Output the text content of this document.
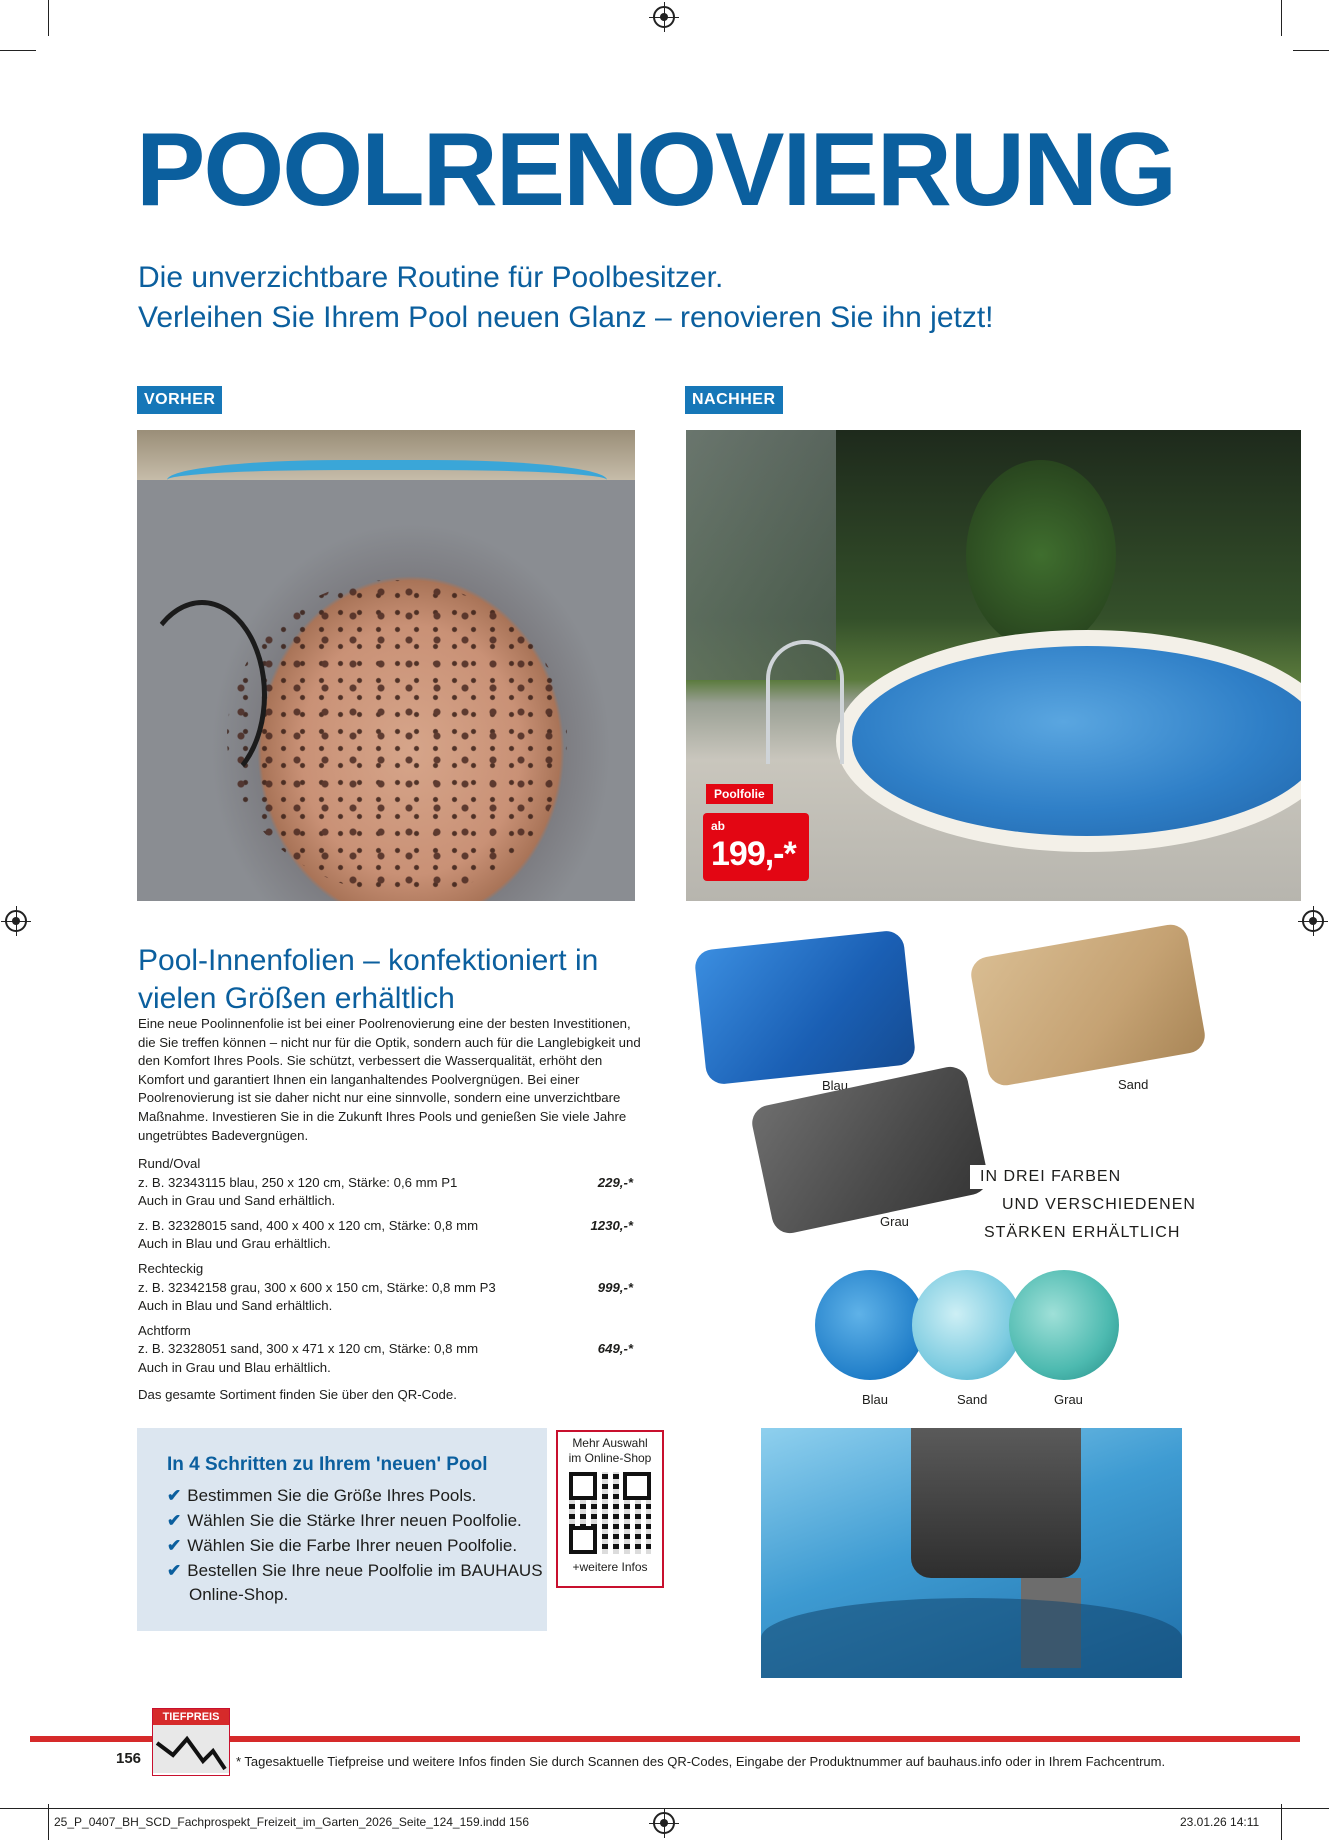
POOLRENOVIERUNG
Die unverzichtbare Routine für Poolbesitzer.
Verleihen Sie Ihrem Pool neuen Glanz – renovieren Sie ihn jetzt!
VORHER	NACHHER
Poolfolie
ab
199,-*
Pool-Innenfolien – konfektioniert in
vielen Größen erhältlich
Eine neue Poolinnenfolie ist bei einer Poolrenovierung eine der besten Investitionen, die Sie treffen können – nicht nur für die Optik, sondern auch für die Langlebigkeit und den Komfort Ihres Pools. Sie schützt, verbessert die Wasserqualität, erhöht den Komfort und garantiert Ihnen ein langanhaltendes Poolvergnügen. Bei einer Poolrenovierung ist sie daher nicht nur eine sinnvolle, sondern eine unverzichtbare Maßnahme. Investieren Sie in die Zukunft Ihres Pools und genießen Sie viele Jahre ungetrübtes Badevergnügen.
Rund/Oval
z. B. 32343115 blau, 250 x 120 cm, Stärke: 0,6 mm P1	229,-*
Auch in Grau und Sand erhältlich.
z. B. 32328015 sand, 400 x 400 x 120 cm, Stärke: 0,8 mm	1230,-*
Auch in Blau und Grau erhältlich.
Rechteckig
z. B. 32342158 grau, 300 x 600 x 150 cm, Stärke: 0,8 mm P3	999,-*
Auch in Blau und Sand erhältlich.
Achtform
z. B. 32328051 sand, 300 x 471 x 120 cm, Stärke: 0,8 mm	649,-*
Auch in Grau und Blau erhältlich.
Das gesamte Sortiment finden Sie über den QR-Code.
In 4 Schritten zu Ihrem 'neuen' Pool
✔ Bestimmen Sie die Größe Ihres Pools.
✔ Wählen Sie die Stärke Ihrer neuen Poolfolie.
✔ Wählen Sie die Farbe Ihrer neuen Poolfolie.
✔ Bestellen Sie Ihre neue Poolfolie im BAUHAUS
Online-Shop.
Mehr Auswahl
im Online-Shop
+weitere Infos
Blau	Sand
Grau
IN DREI FARBEN
UND VERSCHIEDENEN
STÄRKEN ERHÄLTLICH
Blau	Sand	Grau
TIEFPREIS
156	* Tagesaktuelle Tiefpreise und weitere Infos finden Sie durch Scannen des QR-Codes, Eingabe der Produktnummer auf bauhaus.info oder in Ihrem Fachcentrum.
25_P_0407_BH_SCD_Fachprospekt_Freizeit_im_Garten_2026_Seite_124_159.indd 156	23.01.26 14:11
